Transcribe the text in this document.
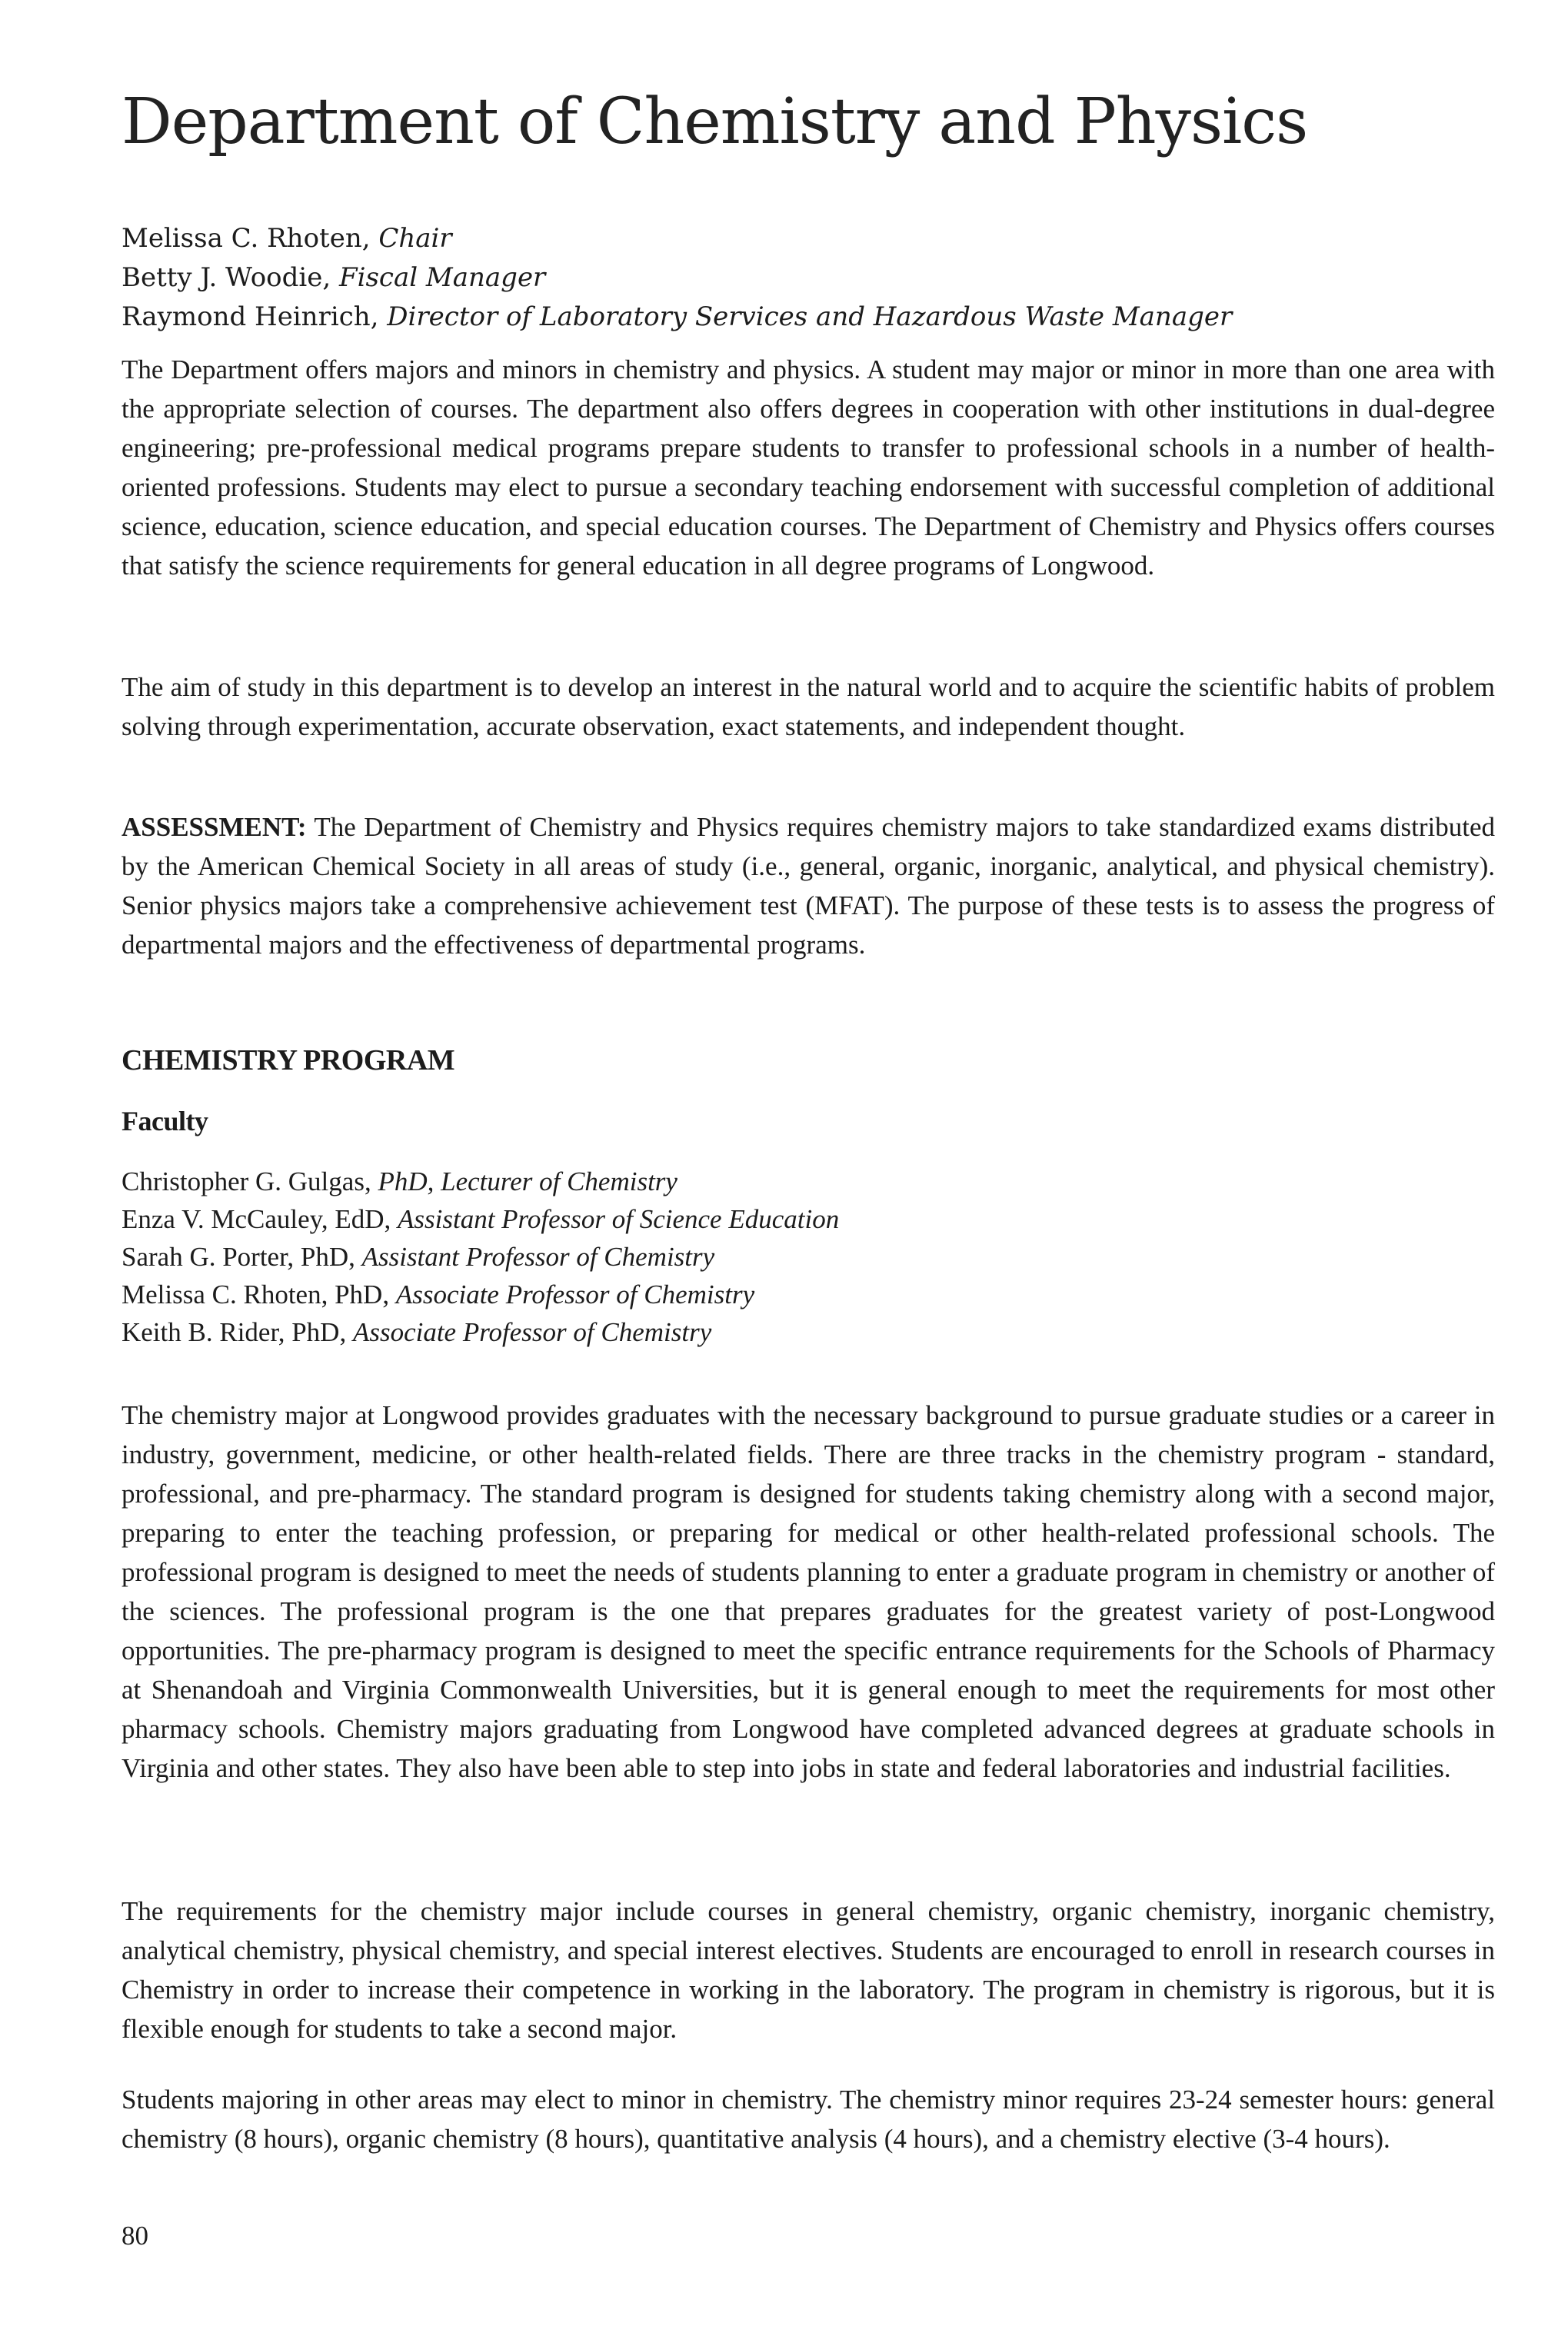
Department of Chemistry and Physics
Melissa C. Rhoten, Chair
Betty J. Woodie, Fiscal Manager
Raymond Heinrich, Director of Laboratory Services and Hazardous Waste Manager

The Department offers majors and minors in chemistry and physics. A student may major or minor in more than one area with the appropriate selection of courses. The department also offers degrees in cooperation with other institutions in dual-degree engineering; pre-professional medical programs prepare students to transfer to professional schools in a number of health-oriented professions. Students may elect to pursue a secondary teaching endorsement with successful completion of additional science, education, science education, and special education courses. The Department of Chemistry and Physics offers courses that satisfy the science requirements for general education in all degree programs of Longwood.

The aim of study in this department is to develop an interest in the natural world and to acquire the scientific habits of problem solving through experimentation, accurate observation, exact statements, and independent thought.

ASSESSMENT: The Department of Chemistry and Physics requires chemistry majors to take standardized exams distributed by the American Chemical Society in all areas of study (i.e., general, organic, inorganic, analytical, and physical chemistry). Senior physics majors take a comprehensive achievement test (MFAT). The purpose of these tests is to assess the progress of departmental majors and the effectiveness of departmental programs.

CHEMISTRY PROGRAM
Faculty
Christopher G. Gulgas, PhD, Lecturer of Chemistry
Enza V. McCauley, EdD, Assistant Professor of Science Education
Sarah G. Porter, PhD, Assistant Professor of Chemistry
Melissa C. Rhoten, PhD, Associate Professor of Chemistry
Keith B. Rider, PhD, Associate Professor of Chemistry

The chemistry major at Longwood provides graduates with the necessary background to pursue graduate studies or a career in industry, government, medicine, or other health-related fields. There are three tracks in the chemistry program - standard, professional, and pre-pharmacy. The standard program is designed for students taking chemistry along with a second major, preparing to enter the teaching profession, or preparing for medical or other health-related professional schools. The professional program is designed to meet the needs of students planning to enter a graduate program in chemistry or another of the sciences. The professional program is the one that prepares graduates for the greatest variety of post-Longwood opportunities. The pre-pharmacy program is designed to meet the specific entrance requirements for the Schools of Pharmacy at Shenandoah and Virginia Commonwealth Universities, but it is general enough to meet the requirements for most other pharmacy schools. Chemistry majors graduating from Longwood have completed advanced degrees at graduate schools in Virginia and other states. They also have been able to step into jobs in state and federal laboratories and industrial facilities.

The requirements for the chemistry major include courses in general chemistry, organic chemistry, inorganic chemistry, analytical chemistry, physical chemistry, and special interest electives. Students are encouraged to enroll in research courses in Chemistry in order to increase their competence in working in the laboratory. The program in chemistry is rigorous, but it is flexible enough for students to take a second major.

Students majoring in other areas may elect to minor in chemistry. The chemistry minor requires 23-24 semester hours: general chemistry (8 hours), organic chemistry (8 hours), quantitative analysis (4 hours), and a chemistry elective (3-4 hours).

80
